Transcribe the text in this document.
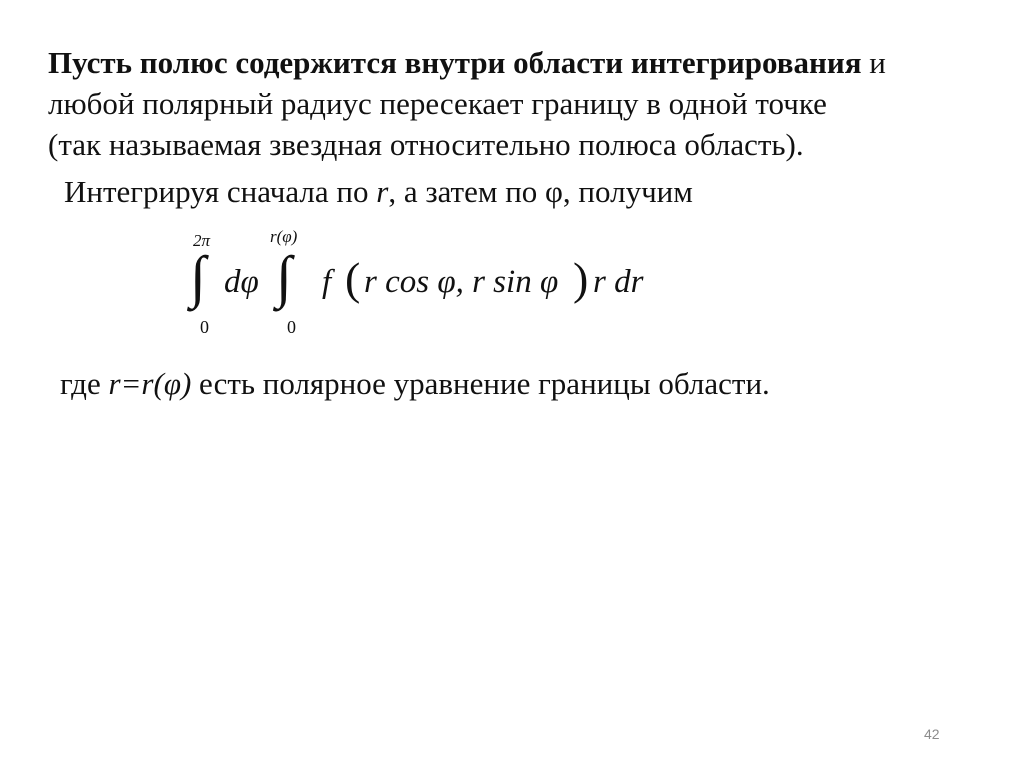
Пусть полюс содержится внутри области интегрирования и
любой полярный радиус пересекает границу в одной точке
(так называемая звездная относительно полюса область).
Интегрируя сначала по r, а затем по φ, получим
2π
∫
0
dφ
r(φ)
∫
0
f ( r cos φ, r sin φ ) r dr
где r=r(φ) есть полярное уравнение границы области.
42
